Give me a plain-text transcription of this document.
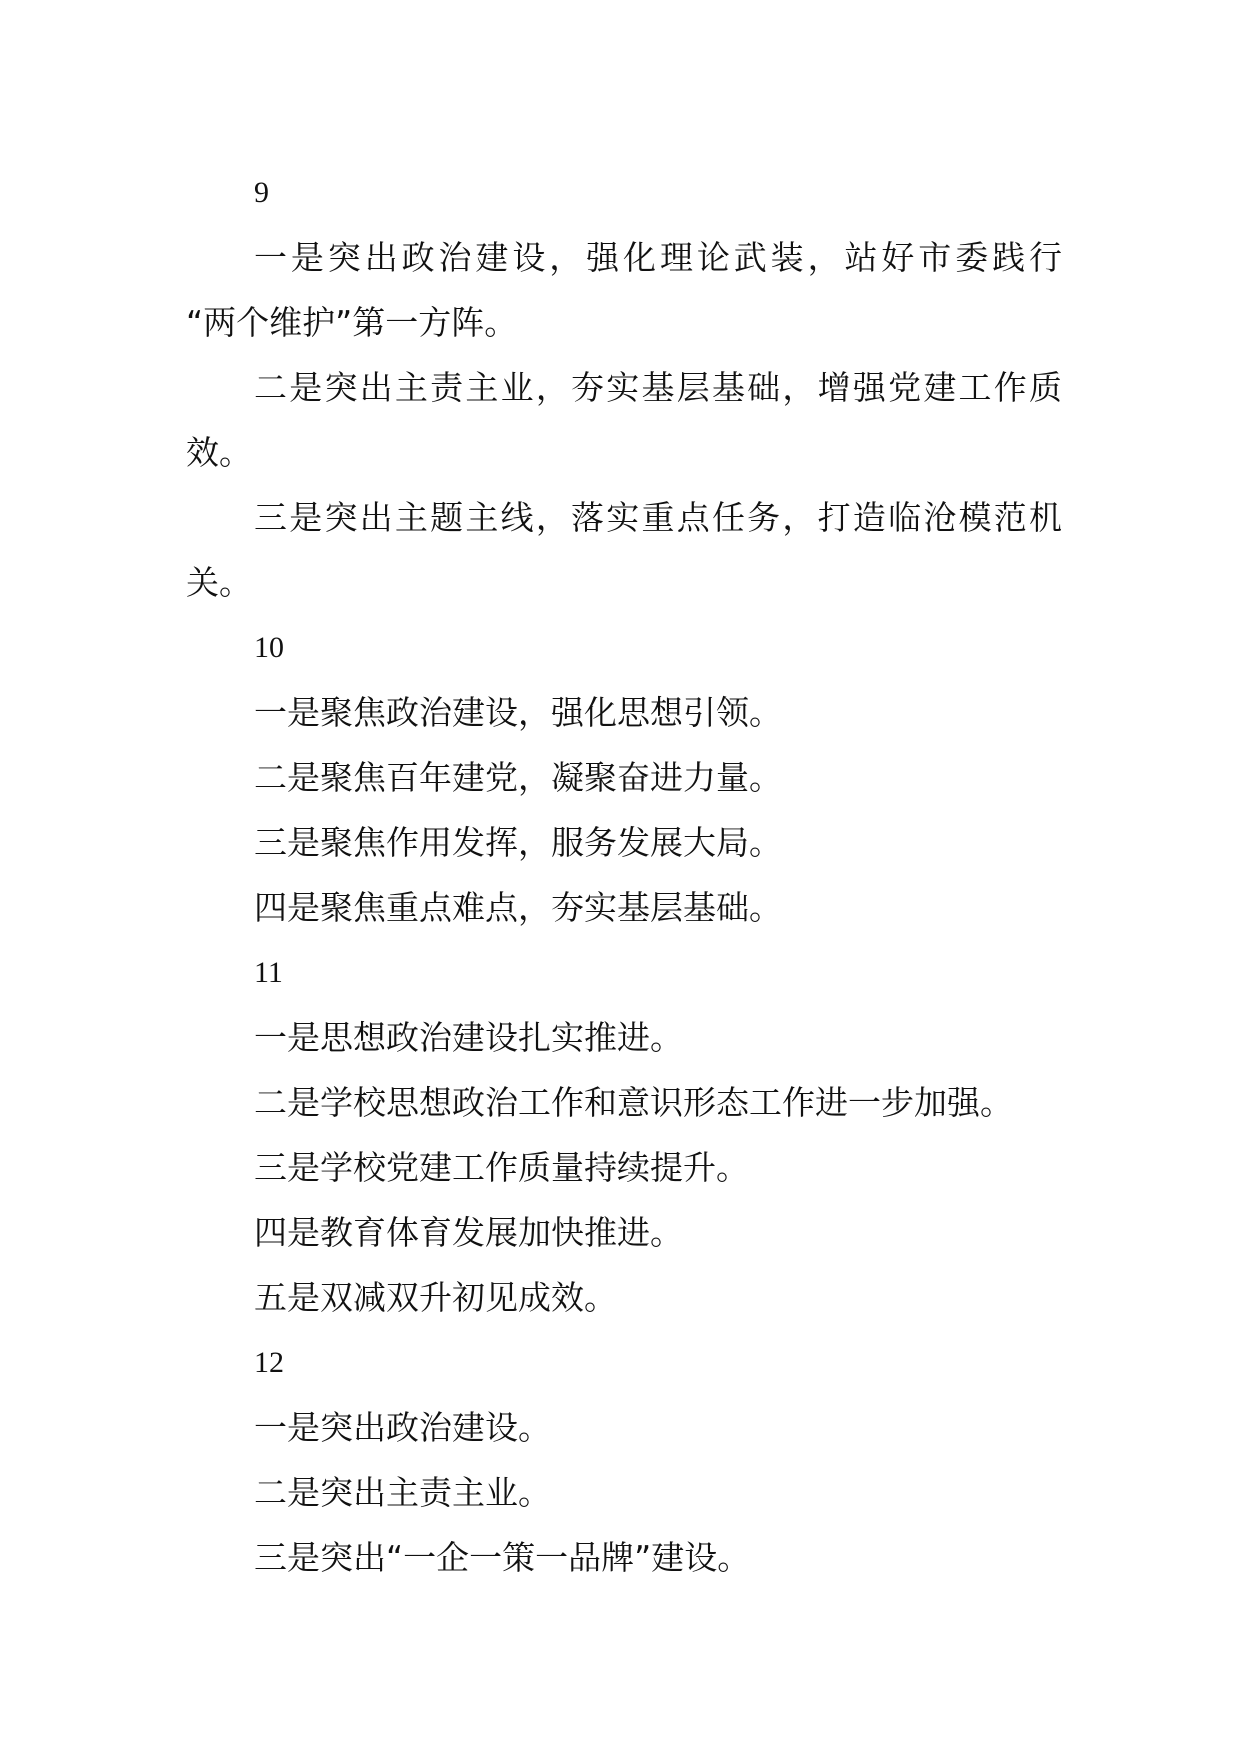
9
一是突出政治建设，强化理论武装，站好市委践行
“两个维护”第一方阵。
二是突出主责主业，夯实基层基础，增强党建工作质
效。
三是突出主题主线，落实重点任务，打造临沧模范机
关。
10
一是聚焦政治建设，强化思想引领。
二是聚焦百年建党，凝聚奋进力量。
三是聚焦作用发挥，服务发展大局。
四是聚焦重点难点，夯实基层基础。
11
一是思想政治建设扎实推进。
二是学校思想政治工作和意识形态工作进一步加强。
三是学校党建工作质量持续提升。
四是教育体育发展加快推进。
五是双减双升初见成效。
12
一是突出政治建设。
二是突出主责主业。
三是突出“一企一策一品牌”建设。
